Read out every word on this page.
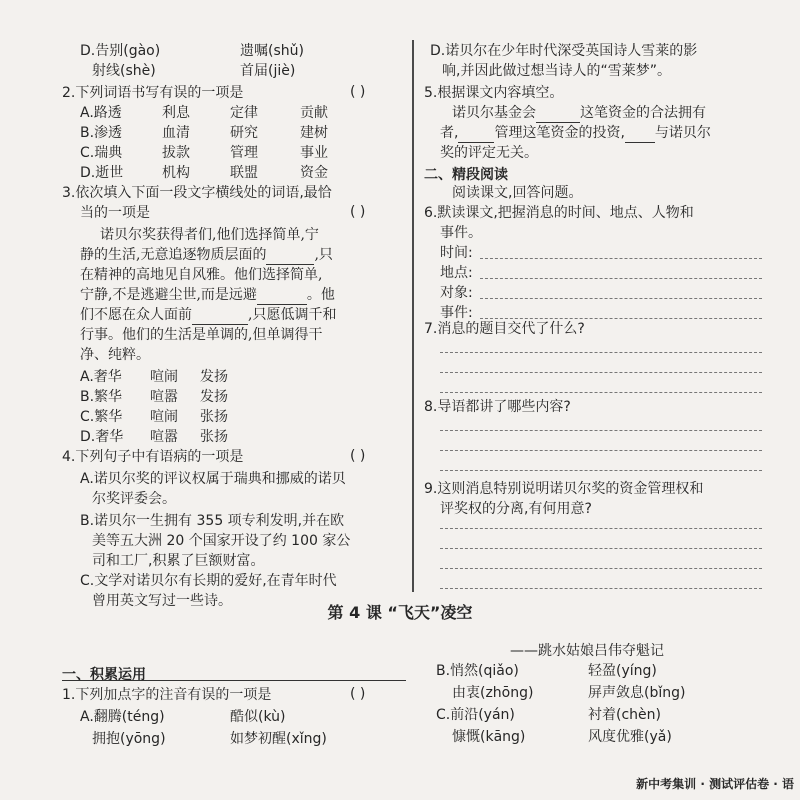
D.告别(gào)	遗嘱(shǔ)
射线(shè)	首届(jiè)
2.下列词语书写有误的一项是	( )
A.路透	利息	定律	贡献
B.渗透	血清	研究	建树
C.瑞典	拔款	管理	事业
D.逝世	机构	联盟	资金
3.依次填入下面一段文字横线处的词语,最恰
当的一项是	( )
诺贝尔奖获得者们,他们选择简单,宁
静的生活,无意追逐物质层面的	,只
在精神的高地见自风雅。他们选择简单,
宁静,不是逃避尘世,而是远避	。他
们不愿在众人面前	,只愿低调千和
行事。他们的生活是单调的,但单调得干
净、纯粹。
A.奢华 喧闹 发扬
B.繁华 喧嚣 发扬
C.繁华 喧闹 张扬
D.奢华 喧嚣 张扬
4.下列句子中有语病的一项是	( )
A.诺贝尔奖的评议权属于瑞典和挪威的诺贝
尔奖评委会。
B.诺贝尔一生拥有 355 项专利发明,并在欧
美等五大洲 20 个国家开设了约 100 家公
司和工厂,积累了巨额财富。
C.文学对诺贝尔有长期的爱好,在青年时代
曾用英文写过一些诗。
D.诺贝尔在少年时代深受英国诗人雪莱的影
响,并因此做过想当诗人的“雪莱梦”。
5.根据课文内容填空。
诺贝尔基金会	这笔资金的合法拥有
者,	管理这笔资金的投资, 与诺贝尔
奖的评定无关。
二、精段阅读
阅读课文,回答问题。
6.默读课文,把握消息的时间、地点、人物和
事件。
时间:
地点:
对象:
事件:
7.消息的题目交代了什么?
8.导语都讲了哪些内容?
9.这则消息特别说明诺贝尔奖的资金管理权和
评奖权的分离,有何用意?
第 4 课 “飞天”凌空
——跳水姑娘吕伟夺魁记
一、积累运用
1.下列加点字的注音有误的一项是	( )
A.翻腾(téng)	酷似(kù)
拥抱(yōng)	如梦初醒(xǐng)
B.悄然(qiǎo)	轻盈(yíng)
由衷(zhōng)	屏声敛息(bǐng)
C.前沿(yán)	衬着(chèn)
慷慨(kāng)	风度优雅(yǎ)
新中考集训 · 测试评估卷 · 语
